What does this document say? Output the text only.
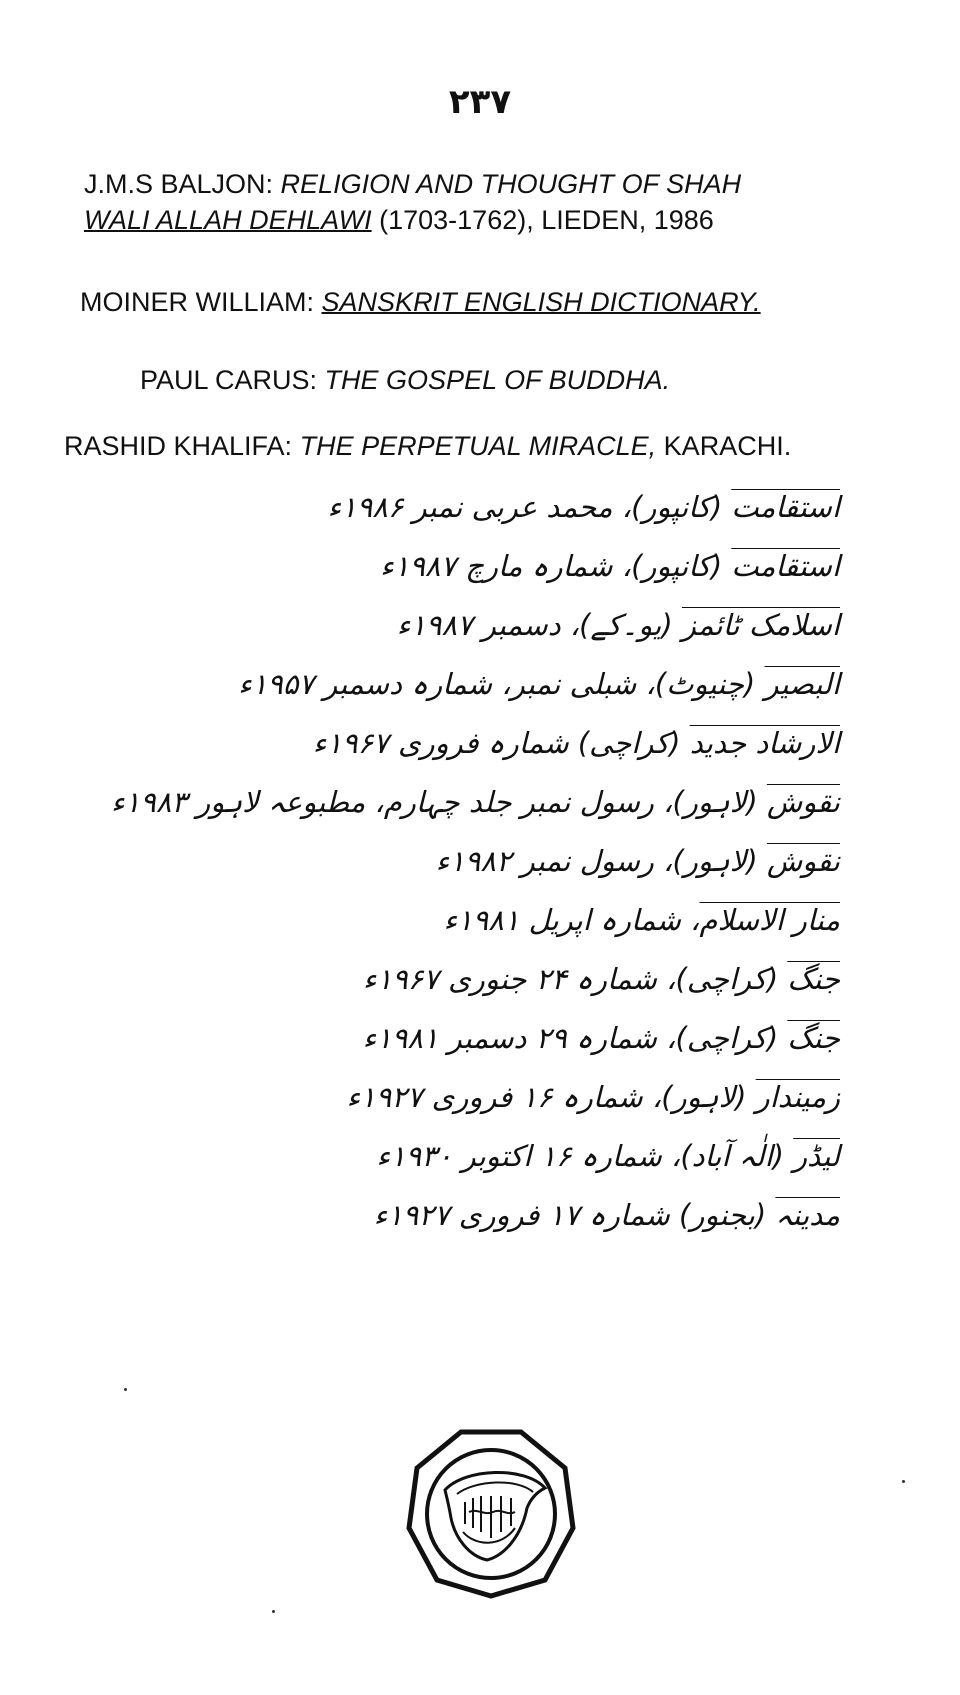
۲۳۷
J.M.S BALJON: RELIGION AND THOUGHT OF SHAH
WALI ALLAH DEHLAWI (1703-1762), LIEDEN, 1986
MOINER WILLIAM: SANSKRIT ENGLISH DICTIONARY.
PAUL CARUS: THE GOSPEL OF BUDDHA.
RASHID KHALIFA: THE PERPETUAL MIRACLE, KARACHI.
استقامت (کانپور)، محمد عربی نمبر ۱۹۸۶ء
استقامت (کانپور)، شمارہ مارچ ۱۹۸۷ء
اسلامک ٹائمز (یو۔کے)، دسمبر ۱۹۸۷ء
البصیر (چنیوٹ)، شبلی نمبر، شمارہ دسمبر ۱۹۵۷ء
الارشاد جدید (کراچی) شمارہ فروری ۱۹۶۷ء
نقوش (لاہور)، رسول نمبر جلد چہارم، مطبوعہ لاہور ۱۹۸۳ء
نقوش (لاہور)، رسول نمبر ۱۹۸۲ء
منار الاسلام، شمارہ اپریل ۱۹۸۱ء
جنگ (کراچی)، شمارہ ۲۴ جنوری ۱۹۶۷ء
جنگ (کراچی)، شمارہ ۲۹ دسمبر ۱۹۸۱ء
زمیندار (لاہور)، شمارہ ۱۶ فروری ۱۹۲۷ء
لیڈر (الٰہ آباد)، شمارہ ۱۶ اکتوبر ۱۹۳۰ء
مدینہ (بجنور) شمارہ ۱۷ فروری ۱۹۲۷ء
